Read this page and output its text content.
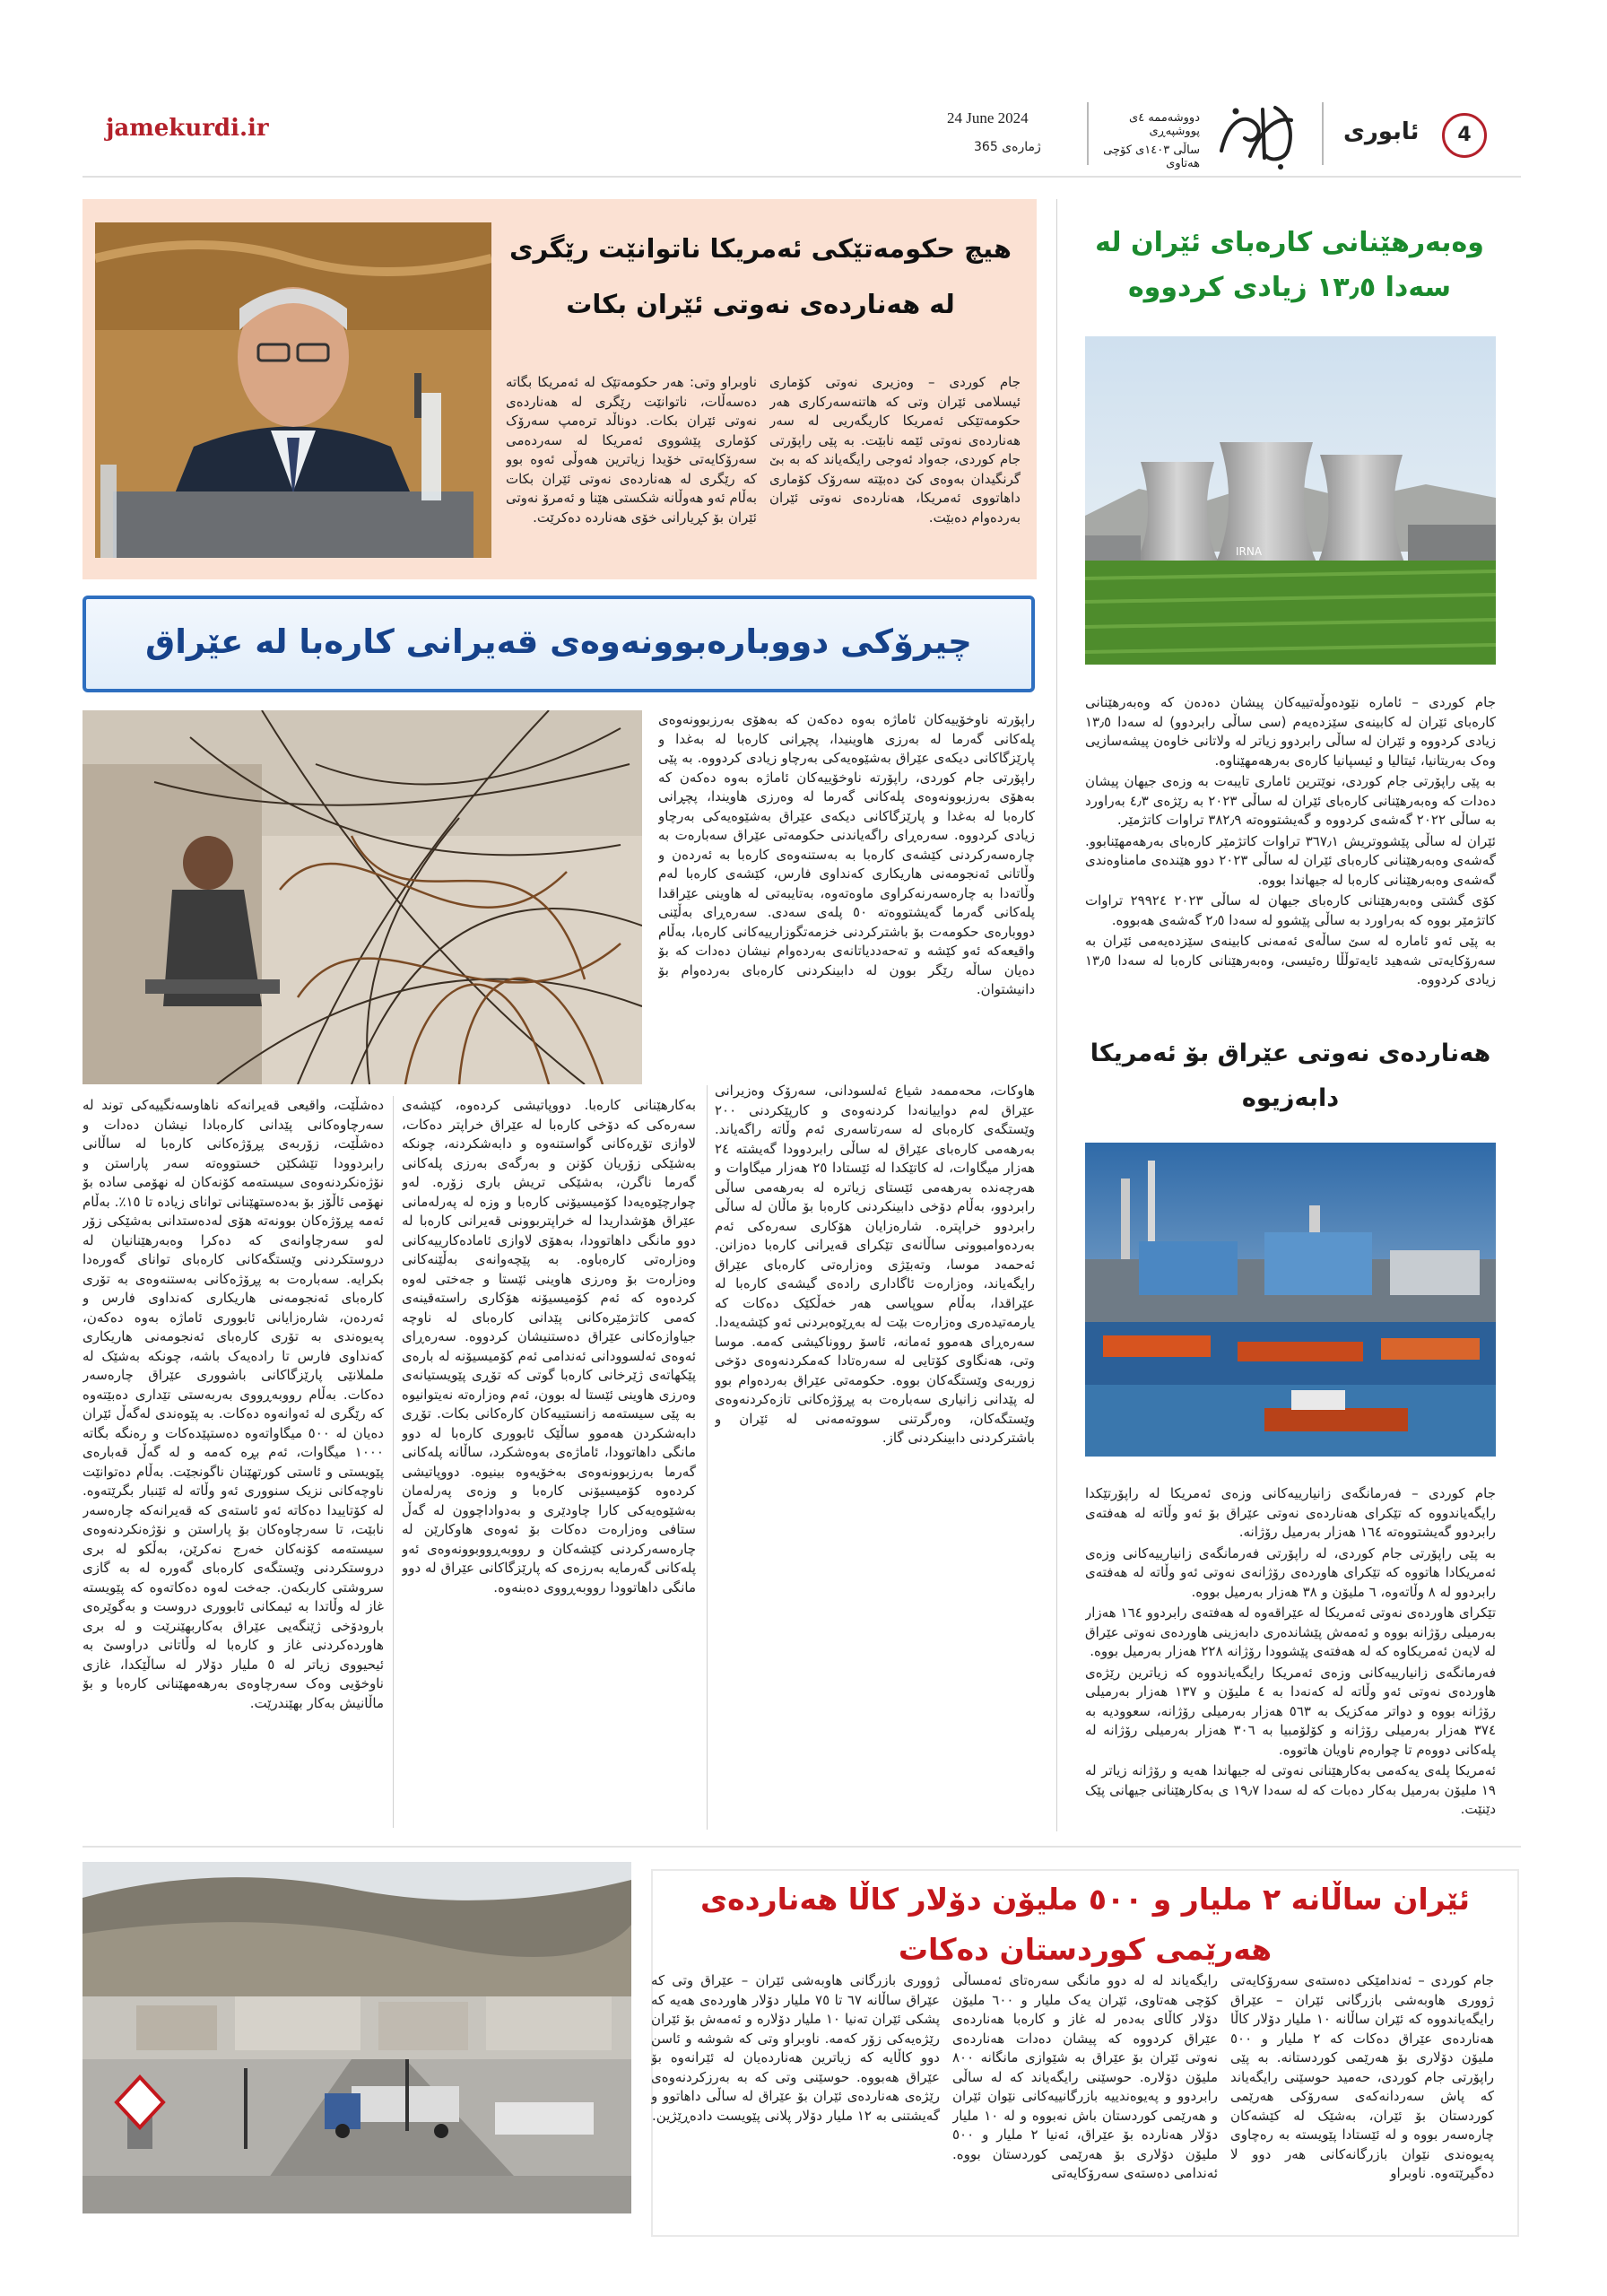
jamekurdi.ir	24 June 2024
ژمارەی 365
دووشەممە ٤ی پووشپەڕی
ساڵی ١٤٠٣ی کۆچی هەتاوی
ئابوری	4
وەبەرهێنانی کارەبای ئێران لە سەدا ١٣٫٥ زیادی کردووە
IRNA

جام کوردی – ئامارە نێودەوڵەتییەکان پیشان دەدەن کە وەبەرهێنانی کارەبای ئێران لە کابینەی سێزدەیەم (سی ساڵی رابردوو) لە سەدا ١٣٫٥ زیادی کردووە و ئێران لە ساڵی رابردوو زیاتر لە ولاتانی خاوەن پیشەسازیی وەک بەریتانیا، ئیتالیا و ئیسپانیا کارەی بەرهەمهێناوە.

بە پێی راپۆرتی جام کوردی، نوێترین ئاماری تایبەت بە وزەی جیهان پیشان دەدات کە وەبەرهێنانی کارەبای ئێران لە ساڵی ٢٠٢٣ بە رێژەی ٤٫٣ بەراورد بە ساڵی ٢٠٢٢ گەشەی کردووە و گەیشتووەتە ٣٨٢٫٩ تراوات کاتژمێر.

ئێران لە ساڵی پێشووتریش ٣٦٧٫١ تراوات کاتژمێر کارەبای بەرهەمهێنابوو. گەشەی وەبەرهێنانی کارەبای ئێران لە ساڵی ٢٠٢٣ دوو هێندەی مامناوەندی گەشەی وەبەرهێنانی کارەبا لە جیهاندا بووە.

کۆی گشتی وەبەرهێنانی کارەبای جیهان لە ساڵی ٢٠٢٣ ٢٩٩٢٤ تراوات کاتژمێر بووە کە بەراورد بە ساڵی پێشوو لە سەدا ٢٫٥ گەشەی هەبووە.

بە پێی ئەو ئامارە لە سێ ساڵەی ئەمەنی کابینەی سێزدەیەمی ئێران بە سەرۆکایەتی شەهید ئایەتوڵڵا رەئیسی، وەبەرهێنانی کارەبا لە سەدا ١٣٫٥ زیادی کردووە.

هەناردەی نەوتی عێراق بۆ ئەمریکا دابەزیوە

جام کوردی – فەرمانگەی زانیارییەکانی وزەی ئەمریکا لە راپۆرتێکدا رایگەیاندووە کە تێکرای هەناردەی نەوتی عێراق بۆ ئەو وڵاتە لە هەفتەی رابردوو گەیشتووەتە ١٦٤ هەزار بەرمیل رۆژانە.

بە پێی راپۆرتی جام کوردی، لە راپۆرتی فەرمانگەی زانیارییەکانی وزەی ئەمریکادا هاتووە کە تێکرای هاوردەی رۆژانەی نەوتی ئەو وڵاتە لە هەفتەی رابردوو لە ٨ وڵاتەوە، ٦ ملیۆن و ٣٨ هەزار بەرمیل بووە.

تێکرای هاوردەی نەوتی ئەمریکا لە عێراقەوە لە هەفتەی رابردوو ١٦٤ هەزار بەرمیلی رۆژانە بووە و ئەمەش پێشاندەری دابەزینی هاوردەی نەوتی عێراق لە لایەن ئەمریکاوە کە لە هەفتەی پێشوودا رۆژانە ٢٢٨ هەزار بەرمیل بووە.

فەرمانگەی زانیارییەکانی وزەی ئەمریکا رایگەیاندووە کە زیاترین رێژەی هاوردەی نەوتی ئەو وڵاتە لە کەنەدا بە ٤ ملیۆن و ١٣٧ هەزار بەرمیلی رۆژانە بووە و دواتر مەکزیک بە ٥٦٣ هەزار بەرمیلی رۆژانە، سعوودیە بە ٣٧٤ هەزار بەرمیلی رۆژانە و کۆلۆمبیا بە ٣٠٦ هەزار بەرمیلی رۆژانە لە پلەکانی دووەم تا چوارەم ناویان هاتووە.

ئەمریکا پلەی یەکەمی بەکارهێنانی نەوتی لە جیهاندا هەیە و رۆژانە زیاتر لە ١٩ ملیۆن بەرمیل بەکار دەبات کە لە سەدا ١٩٫٧ ی بەکارهێنانی جیهانی پێک دێنێت.

هیچ حکومەتێکی ئەمریکا ناتوانێت رێگری لە هەناردەی نەوتی ئێران بکات
جام کوردی – وەزیری نەوتی کۆماری ئیسلامی ئێران وتی کە هاتنەسەرکاری هەر حکومەتێکی ئەمریکا کاریگەریی لە سەر هەناردەی نەوتی ئێمە نابێت. بە پێی راپۆرتی جام کوردی، جەواد ئەوجی رایگەیاند کە بە بێ گرنگیدان بەوەی کێ دەبێتە سەرۆک کۆماری داهاتووی ئەمریکا، هەناردەی نەوتی ئێران بەردەوام دەبێت.
ناوبراو وتی: هەر حکومەتێک لە ئەمریکا بگاتە دەسەڵات، ناتوانێت رێگری لە هەناردەی نەوتی ئێران بکات. دوناڵد ترەمپ سەرۆک کۆماری پێشووی ئەمریکا لە سەردەمی سەرۆکایەتی خۆیدا زیاترین هەوڵی ئەوە بوو کە رێگری لە هەناردەی نەوتی ئێران بکات بەڵام ئەو هەوڵانە شکستی هێنا و ئەمرۆ نەوتی ئێران بۆ کڕیارانی خۆی هەناردە دەکرێت.
چیرۆکی دووبارەبوونەوەی قەیرانی کارەبا لە عێراق
راپۆرتە ناوخۆییەکان ئاماژە بەوە دەکەن کە بەهۆی بەرزبوونەوەی پلەکانی گەرما لە بەرزی هاوینیدا، پچڕانی کارەبا لە بەغدا و پارێزگاکانی دیکەی عێراق بەشێوەیەکی بەرچاو زیادی کردووە. بە پێی راپۆرتی جام کوردی، راپۆرتە ناوخۆییەکان ئاماژە بەوە دەکەن کە بەهۆی بەرزبوونەوەی پلەکانی گەرما لە وەرزی هاویندا، پچڕانی کارەبا لە بەغدا و پارێزگاکانی دیکەی عێراق بەشێوەیەکی بەرچاو زیادی کردووە. سەرەڕای راگەیاندنی حکومەتی عێراق سەبارەت بە چارەسەرکردنی کێشەی کارەبا بە بەستنەوەی کارەبا بە ئەردەن و وڵاتانی ئەنجومەنی هاریکاری کەنداوی فارس، کێشەی کارەبا لەم وڵاتەدا بە چارەسەرنەکراوی ماوەتەوە، بەتایبەتی لە هاوینی عێراقدا پلەکانی گەرما گەیشتووەتە ٥٠ پلەی سەدی. سەرەڕای بەڵێنی دووبارەی حکومەت بۆ باشترکردنی خزمەتگوزارییەکانی کارەبا، بەڵام واقیعەکە ئەو کێشە و تەحەددیاتانەی بەردەوام نیشان دەدات کە بۆ دەیان ساڵە رێگر بوون لە دابینکردنی کارەبای بەردەوام بۆ دانیشتوان.
هاوکات، محەممەد شیاع ئەلسودانی، سەرۆک وەزیرانی عێراق لەم دواییانەدا کردنەوەی و کارپێکردنی ٢٠٠ وێستگەی کارەبای لە سەرتاسەری ئەم وڵاتە راگەیاند. بەرهەمی کارەبای عێراق لە ساڵی رابردوودا گەیشتە ٢٤ هەزار میگاوات، لە کاتێکدا لە ئێستادا ٢٥ هەزار میگاوات و هەرچەندە بەرهەمی ئێستای زیاترە لە بەرهەمی ساڵی رابردوو، بەڵام دۆخی دابینکردنی کارەبا بۆ ماڵان لە ساڵی رابردوو خراپتره. شارەزایان هۆکاری سەرەکی ئەم بەردەوامبوونی ساڵانەی تێکرای قەیرانی کارەبا دەزانن. ئەحمەد موسا، وتەبێژی وەزارەتی کارەبای عێراق رایگەیاند، وەزارەت ئاگاداری رادەی گیشەی کارەبا لە عێراقدا، بەڵام سوپاسی هەر خەڵکێک دەکات کە یارمەتیدەری وەزارەت بێت لە بەڕێوەبردنی ئەو کێشەیەدا. سەرەڕای هەموو ئەمانە، ئاسۆ رووناکیشی کەمە. موسا وتی، هەنگاوی کۆتایی لە سەرەتادا کەمکردنەوەی دۆخی زوربەی وێستگەکان بووە. حکومەتی عێراق بەردەوام بوو لە پێدانی زانیاری سەبارەت بە پڕۆژەکانی تازەکردنەوەی وێستگەکان، وەرگرتنی سووتەمەنی لە ئێران و باشترکردنی دابینکردنی گاز.
بەکارهێنانی کارەبا. دووپاتیشی کردەوە، کێشەی سەرەکی کە دۆخی کارەبا لە عێراق خراپتر دەکات، لاوازی تۆڕەکانی گواستنەوە و دابەشکردنە، چونکە بەشێکی زۆریان کۆنن و بەرگەی بەرزی پلەکانی گەرما ناگرن، بەشێکی تریش باری زۆره. لەو چوارچێوەیەدا کۆمیسیۆنی کارەبا و وزە لە پەرلەمانی عێراق هۆشداریدا لە خراپتربوونی قەیرانی کارەبا لە دوو مانگی داهاتوودا، بەهۆی لاوازی ئامادەکارییەکانی وەزارەتی کارەباوە. بە پێچەوانەی بەڵێنەکانی وەزارەت بۆ وەرزی هاوینی ئێستا و جەختی لەوە کردەوە کە ئەم کۆمیسیۆنە هۆکاری راستەقینەی کەمی کاتژمێرەکانی پێدانی کارەبای لە ناوچە جیاوازەکانی عێراق دەستنیشان کردووە. سەرەڕای ئەوەی ئەلسوودانی ئەندامی ئەم کۆمیسیۆنە لە بارەی پێکهاتەی ژێرخانی کارەبا گوتی کە تۆڕی پێویستیانەی وەرزی هاوینی ئێستا لە بوون، ئەم وەزارەتە نەیتوانیوە بە پێی سیستەمە زانستییەکان کارەکانی بکات. تۆڕی دابەشکردن هەموو ساڵێک ئابووری کارەبا لە دوو مانگی داهاتوودا، ئاماژەی بەوەشکرد، ساڵانە پلەکانی گەرما بەرزبوونەوەی بەخۆیەوە بینیوە. دووپاتیشی کردەوە کۆمیسیۆنی کارەبا و وزەی پەرلەمان بەشێوەیەکی کارا چاودێری و بەدواداچوون لە گەڵ ستافی وەزارەت دەکات بۆ ئەوەی هاوکارێن لە چارەسەرکردنی کێشەکان و رووبەڕووبوونەوەی ئەو پلەکانی گەرمایە بەرزەی کە پارێزگاکانی عێراق لە دوو مانگی داهاتوودا رووبەڕووی دەبنەوە.
دەشڵێت، واقیعی قەیرانەکە ناهاوسەنگییەکی توند لە سەرچاوەکانی پێدانی کارەبادا نیشان دەدات و دەشڵێت، زۆربەی پڕۆژەکانی کارەبا لە ساڵانی رابردوودا تێشکێن خستووەتە سەر پاراستن و نۆژەنکردنەوەی سیستەمە کۆنەکان لە نهۆمی سادە بۆ نهۆمی ئاڵۆز بۆ بەدەستهێنانی توانای زیادە تا ١٥٪. بەڵام ئەمە پڕۆژەکان بوونەتە هۆی لەدەستدانی بەشێکی زۆر لەو سەرچاوانەی کە دەکرا وەبەرهێنانیان لە دروستکردنی وێستگەکانی کارەبای توانای گەورەدا بکرایە. سەبارەت بە پڕۆژەکانی بەستنەوەی بە تۆری کارەبای ئەنجومەنی هاریکاری کەنداوی فارس و ئەردەن، شارەزایانی ئابووری ئاماژە بەوە دەکەن، پەیوەندی بە تۆری کارەبای ئەنجومەنی هاریکاری کەنداوی فارس تا رادەیەک باشە، چونکە بەشێک لە ململانێی پارێزگاکانی باشووری عێراق چارەسەر دەکات. بەڵام رووبەڕووی بەربەستی تێداری دەبێتەوە کە رێگری لە ئەوانەوە دەکات. بە پێوەندی لەگەڵ ئێران دەیان لە ٥٠٠ میگاواتەوە دەستپێدەکات و رەنگە بگاتە ١٠٠٠ میگاوات، ئەم بڕە کەمە و لە گەڵ قەبارەی پێویستی و ئاستی کورتهێنان ناگونجێت. بەڵام دەتوانێت ناوچەکانی نزیک سنووری ئەو وڵاتە لە ئێنبار بگرێتەوە. لە کۆتاییدا دەکاتە ئەو ئاستەی کە قەیرانەکە چارەسەر نابێت، تا سەرچاوەکان بۆ پاراستن و نۆژەنکردنەوەی سیستەمە کۆنەکان خەرج نەکرێن، بەڵکو لە بری دروستکردنی وێستگەی کارەبای گەورە لە بە گازی سروشتی کاربکەن. جەخت لەوە دەکاتەوە کە پێویستە غاز لە وڵاتدا بە ئیمکانی ئابووری دروست و بەگوێرەی بارودۆخی ژێنگەیی عێراق بەکاربهێنرێت و لە بری هاوردەکردنی غاز و کارەبا لە وڵاتانی دراوسێ بە ئیحیووی زیاتر لە ٥ ملیار دۆلار لە ساڵێکدا، غازی ناوخۆیی وەک سەرچاوەی بەرهەمهێنانی کارەبا و بۆ ماڵانیش بەکار بهێندرێت.
ئێران ساڵانە ٢ ملیار و ٥٠٠ ملیۆن دۆلار کاڵا هەناردەی هەرێمی کوردستان دەکات
جام کوردی – ئەندامێکی دەستەی سەرۆکایەتی ژووری هاوبەشی بازرگانی ئێران – عێراق رایگەیاندووە کە ئێران ساڵانە ١٠ ملیار دۆلار کاڵا هەناردەی عێراق دەکات کە ٢ ملیار و ٥٠٠ ملیۆن دۆلاری بۆ هەرێمی کوردستانە. بە پێی راپۆرتی جام کوردی، حەمید حوسێنی رایگەیاند کە پاش سەردانەکەی سەرۆکی هەرێمی کوردستان بۆ ئێران، بەشێک لە کێشەکان چارەسەر بووە و لە ئێستادا پێویستە بە رەچاوی پەیوەندی نێوان بازرگانەکانی هەر دوو لا دەگیرێتەوە. ناوبراو
رایگەیاند لە لە دوو مانگی سەرەتای ئەمساڵی کۆچی هەتاوی، ئێران یەک ملیار و ٦٠٠ ملیۆن دۆلار کاڵای بەدەر لە غاز و کارەبا هەناردەی عێراق کردووە کە پیشان دەدات هەناردەی نەوتی ئێران بۆ عێراق بە شێوازی مانگانە ٨٠٠ ملیۆن دۆلارە. حوسێنی رایگەیاند کە لە ساڵی رابردوو و پەیوەندییە بازرگانییەکانی نێوان ئێران و هەرێمی کوردستان باش نەبووە و لە ١٠ ملیار دۆلار هەناردە بۆ عێراق، ئەنیا ٢ ملیار و ٥٠٠ ملیۆن دۆلاری بۆ هەرێمی کوردستان بووە. ئەندامی دەستەی سەرۆکایەتی
ژووری بازرگانی هاوبەشی ئێران – عێراق وتی کە عێراق ساڵانە ٦٧ تا ٧٥ ملیار دۆلار هاوردەی هەیە کە پشکی ئێران تەنیا ١٠ ملیار دۆلارە و ئەمەش بۆ ئێران رێژەیەکی زۆر کەمە. ناوبراو وتی کە شوشە و ئاسن دوو کاڵایە کە زیاترین هەناردەیان لە ئێرانەوە بۆ عێراق هەبووە. حوسێنی وتی کە بە بەرزکردنەوەی رێژەی هەناردەی ئێران بۆ عێراق لە ساڵی داهاتوو و گەیشتنی بە ١٢ ملیار دۆلار پلانی پێویست دادەڕێژین.
